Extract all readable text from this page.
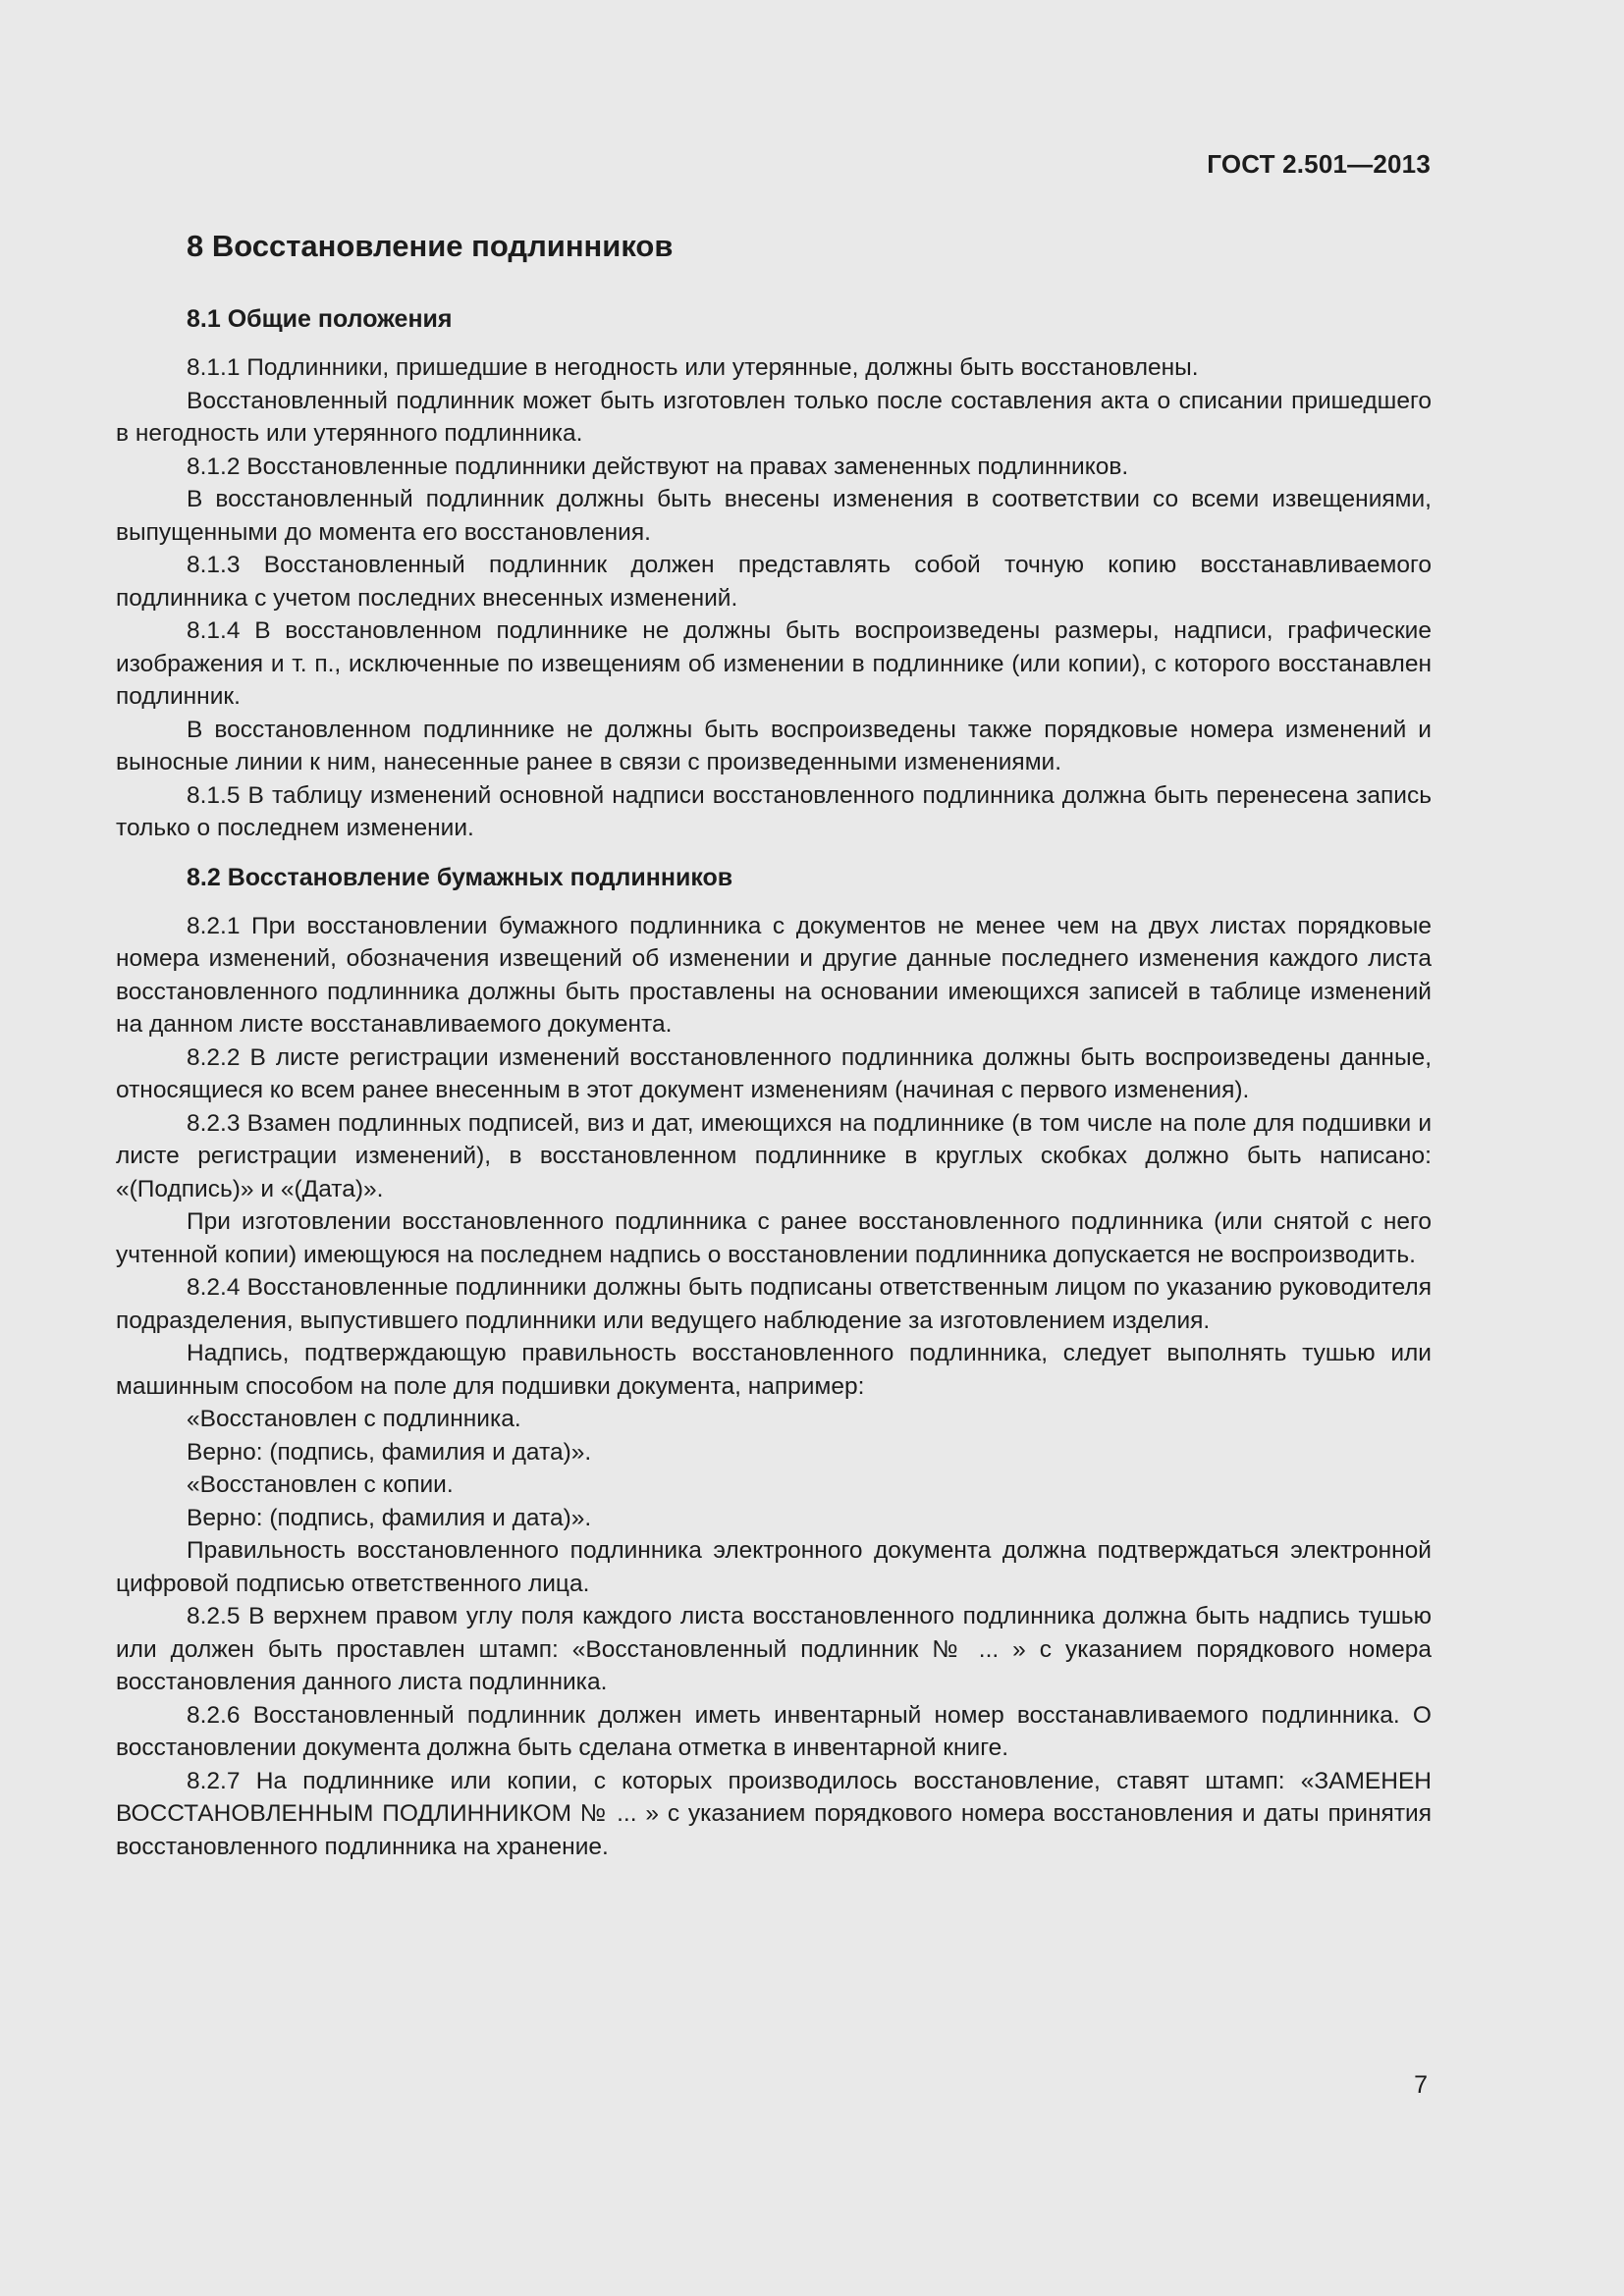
ГОСТ 2.501—2013
8 Восстановление подлинников
8.1 Общие положения

8.1.1 Подлинники, пришедшие в негодность или утерянные, должны быть восстановлены.

Восстановленный подлинник может быть изготовлен только после составления акта о списании пришедшего в негодность или утерянного подлинника.

8.1.2 Восстановленные подлинники действуют на правах замененных подлинников.

В восстановленный подлинник должны быть внесены изменения в соответствии со всеми извещениями, выпущенными до момента его восстановления.

8.1.3 Восстановленный подлинник должен представлять собой точную копию восстанавливаемого подлинника с учетом последних внесенных изменений.

8.1.4 В восстановленном подлиннике не должны быть воспроизведены размеры, надписи, графические изображения и т. п., исключенные по извещениям об изменении в подлиннике (или копии), с которого восстанавлен подлинник.

В восстановленном подлиннике не должны быть воспроизведены также порядковые номера изменений и выносные линии к ним, нанесенные ранее в связи с произведенными изменениями.

8.1.5 В таблицу изменений основной надписи восстановленного подлинника должна быть перенесена запись только о последнем изменении.

8.2 Восстановление бумажных подлинников

8.2.1 При восстановлении бумажного подлинника с документов не менее чем на двух листах порядковые номера изменений, обозначения извещений об изменении и другие данные последнего изменения каждого листа восстановленного подлинника должны быть проставлены на основании имеющихся записей в таблице изменений на данном листе восстанавливаемого документа.

8.2.2 В листе регистрации изменений восстановленного подлинника должны быть воспроизведены данные, относящиеся ко всем ранее внесенным в этот документ изменениям (начиная с первого изменения).

8.2.3 Взамен подлинных подписей, виз и дат, имеющихся на подлиннике (в том числе на поле для подшивки и листе регистрации изменений), в восстановленном подлиннике в круглых скобках должно быть написано: «(Подпись)» и «(Дата)».

При изготовлении восстановленного подлинника с ранее восстановленного подлинника (или снятой с него учтенной копии) имеющуюся на последнем надпись о восстановлении подлинника допускается не воспроизводить.

8.2.4 Восстановленные подлинники должны быть подписаны ответственным лицом по указанию руководителя подразделения, выпустившего подлинники или ведущего наблюдение за изготовлением изделия.

Надпись, подтверждающую правильность восстановленного подлинника, следует выполнять тушью или машинным способом на поле для подшивки документа, например:

«Восстановлен с подлинника.

Верно: (подпись, фамилия и дата)».

«Восстановлен с копии.

Верно: (подпись, фамилия и дата)».

Правильность восстановленного подлинника электронного документа должна подтверждаться электронной цифровой подписью ответственного лица.

8.2.5 В верхнем правом углу поля каждого листа восстановленного подлинника должна быть надпись тушью или должен быть проставлен штамп: «Восстановленный подлинник № ... » с указанием порядкового номера восстановления данного листа подлинника.

8.2.6 Восстановленный подлинник должен иметь инвентарный номер восстанавливаемого подлинника. О восстановлении документа должна быть сделана отметка в инвентарной книге.

8.2.7 На подлиннике или копии, с которых производилось восстановление, ставят штамп: «ЗАМЕНЕН ВОССТАНОВЛЕННЫМ ПОДЛИННИКОМ № ... » с указанием порядкового номера восстановления и даты принятия восстановленного подлинника на хранение.

7
